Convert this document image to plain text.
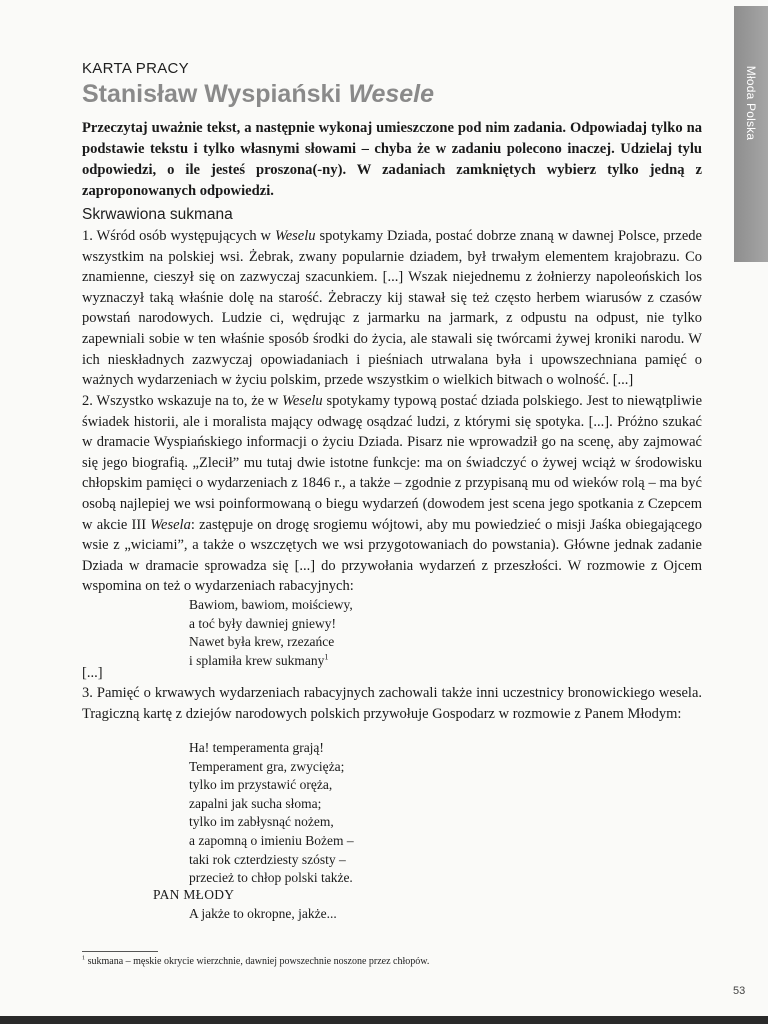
Młoda Polska
KARTA PRACY
Stanisław Wyspiański Wesele
Przeczytaj uważnie tekst, a następnie wykonaj umieszczone pod nim zadania. Odpowiadaj tylko na podstawie tekstu i tylko własnymi słowami – chyba że w zadaniu polecono inaczej. Udzielaj tylu odpowiedzi, o ile jesteś proszona(-ny). W zadaniach zamkniętych wybierz tylko jedną z zaproponowanych odpowiedzi.
Skrwawiona sukmana
1. Wśród osób występujących w Weselu spotykamy Dziada, postać dobrze znaną w dawnej Polsce, przede wszystkim na polskiej wsi. Żebrak, zwany popularnie dziadem, był trwałym elementem krajobrazu. Co znamienne, cieszył się on zazwyczaj szacunkiem. [...] Wszak niejednemu z żołnierzy napoleońskich los wyznaczył taką właśnie dolę na starość. Żebraczy kij stawał się też często herbem wiarusów z czasów powstań narodowych. Ludzie ci, wędrując z jarmarku na jarmark, z odpustu na odpust, nie tylko zapewniali sobie w ten właśnie sposób środki do życia, ale stawali się twórcami żywej kroniki narodu. W ich nieskładnych zazwyczaj opowiadaniach i pieśniach utrwalana była i upowszechniana pamięć o ważnych wydarzeniach w życiu polskim, przede wszystkim o wielkich bitwach o wolność. [...]
2. Wszystko wskazuje na to, że w Weselu spotykamy typową postać dziada polskiego. Jest to niewątpliwie świadek historii, ale i moralista mający odwagę osądzać ludzi, z którymi się spotyka. [...]. Próżno szukać w dramacie Wyspiańskiego informacji o życiu Dziada. Pisarz nie wprowadził go na scenę, aby zajmować się jego biografią. „Zlecił” mu tutaj dwie istotne funkcje: ma on świadczyć o żywej wciąż w środowisku chłopskim pamięci o wydarzeniach z 1846 r., a także – zgodnie z przypisaną mu od wieków rolą – ma być osobą najlepiej we wsi poinformowaną o biegu wydarzeń (dowodem jest scena jego spotkania z Czepcem w akcie III Wesela: zastępuje on drogę srogiemu wójtowi, aby mu powiedzieć o misji Jaśka obiegającego wsie z „wiciami”, a także o wszczętych we wsi przygotowaniach do powstania). Główne jednak zadanie Dziada w dramacie sprowadza się [...] do przywołania wydarzeń z przeszłości. W rozmowie z Ojcem wspomina on też o wydarzeniach rabacyjnych:
Bawiom, bawiom, moiściewy,
a toć były dawniej gniewy!
Nawet była krew, rzezańce
i splamiła krew sukmany$^1$
[...]
3. Pamięć o krwawych wydarzeniach rabacyjnych zachowali także inni uczestnicy bronowickiego wesela. Tragiczną kartę z dziejów narodowych polskich przywołuje Gospodarz w rozmowie z Panem Młodym:
Ha! temperamenta grają!
Temperament gra, zwycięża;
tylko im przystawić oręża,
zapalni jak sucha słoma;
tylko im zabłysnąć nożem,
a zapomną o imieniu Bożem –
taki rok czterdziesty szósty –
przecież to chłop polski także.
PAN MŁODY
A jakże to okropne, jakże...
$^1$ sukmana – męskie okrycie wierzchnie, dawniej powszechnie noszone przez chłopów.
53
